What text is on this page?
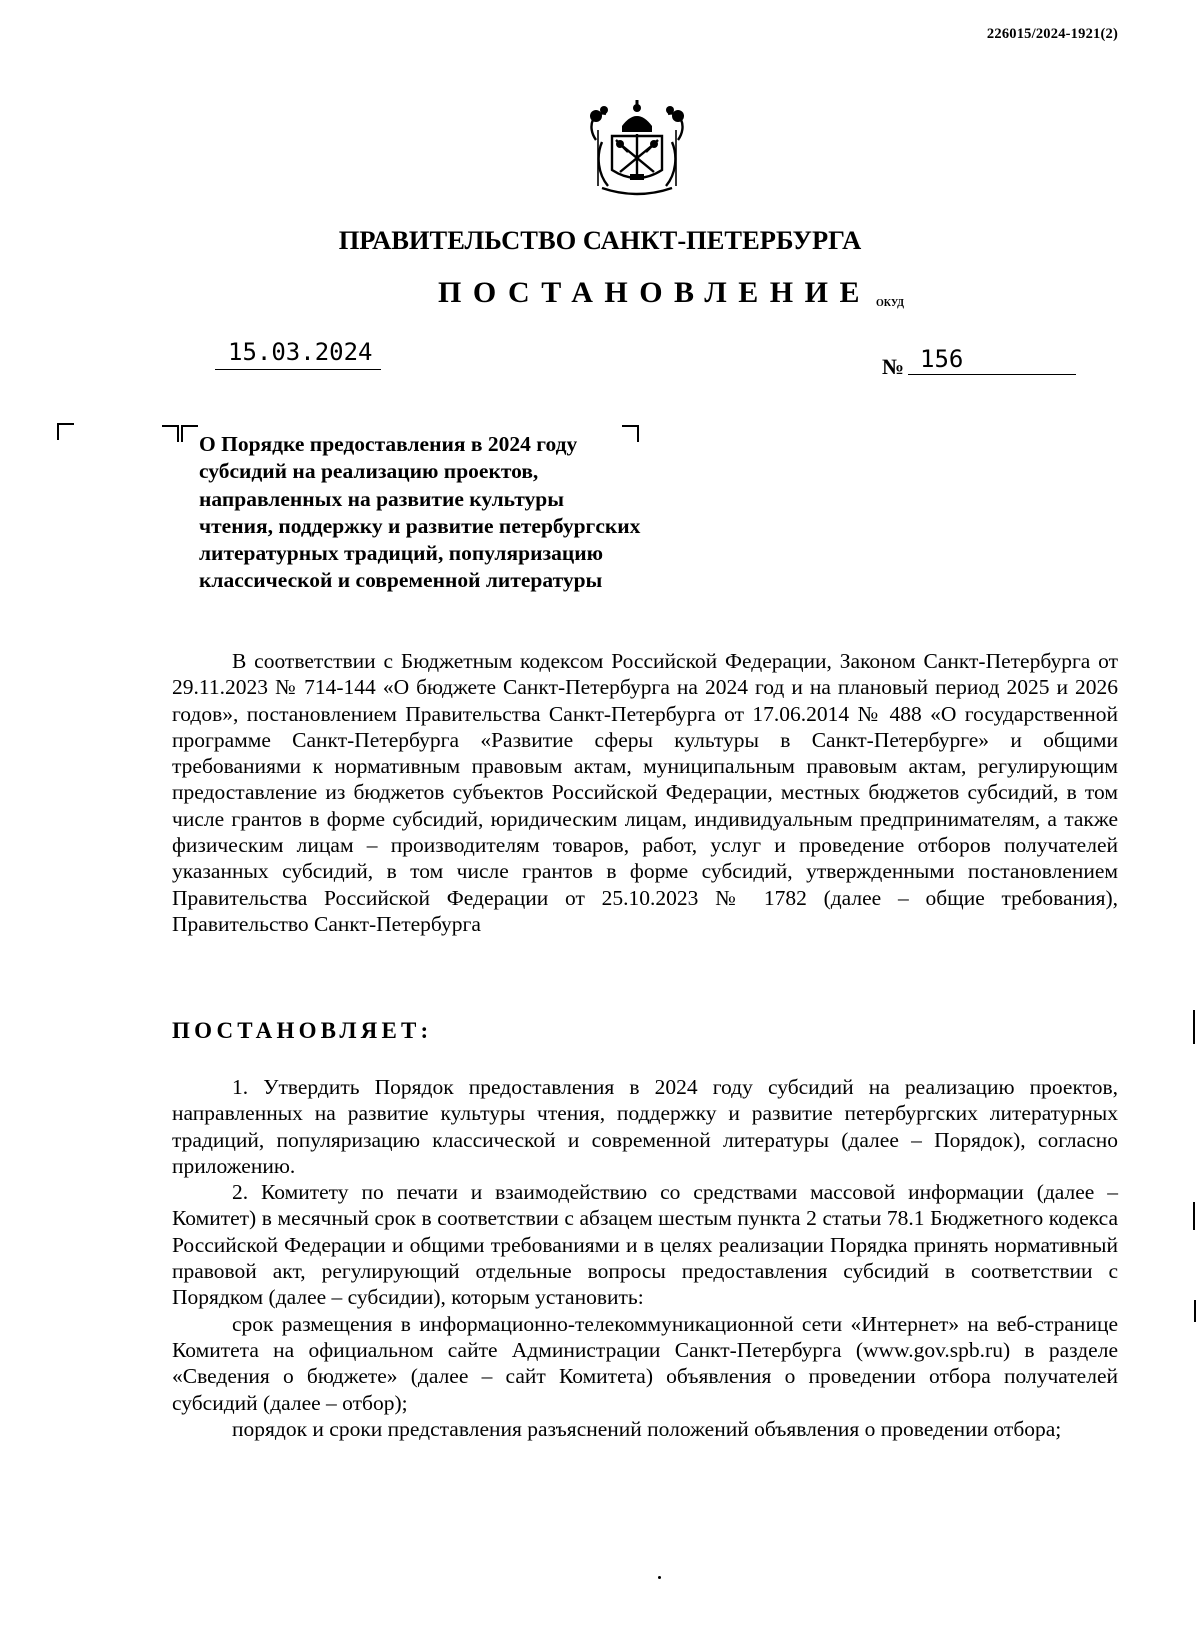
226015/2024-1921(2)
ПРАВИТЕЛЬСТВО САНКТ-ПЕТЕРБУРГА
ПОСТАНОВЛЕНИЕ ОКУД
15.03.2024
№ 156
О Порядке предоставления в 2024 году
субсидий на реализацию проектов,
направленных на развитие культуры
чтения, поддержку и развитие петербургских
литературных традиций, популяризацию
классической и современной литературы
В соответствии с Бюджетным кодексом Российской Федерации, Законом Санкт-Петербурга от 29.11.2023 № 714-144 «О бюджете Санкт-Петербурга на 2024 год и на плановый период 2025 и 2026 годов», постановлением Правительства Санкт-Петербурга от 17.06.2014 № 488 «О государственной программе Санкт-Петербурга «Развитие сферы культуры в Санкт-Петербурге» и общими требованиями к нормативным правовым актам, муниципальным правовым актам, регулирующим предоставление из бюджетов субъектов Российской Федерации, местных бюджетов субсидий, в том числе грантов в форме субсидий, юридическим лицам, индивидуальным предпринимателям, а также физическим лицам – производителям товаров, работ, услуг и проведение отборов получателей указанных субсидий, в том числе грантов в форме субсидий, утвержденными постановлением Правительства Российской Федерации от 25.10.2023 № 1782 (далее – общие требования), Правительство Санкт-Петербурга
ПОСТАНОВЛЯЕТ:

1. Утвердить Порядок предоставления в 2024 году субсидий на реализацию проектов, направленных на развитие культуры чтения, поддержку и развитие петербургских литературных традиций, популяризацию классической и современной литературы (далее – Порядок), согласно приложению.

2. Комитету по печати и взаимодействию со средствами массовой информации (далее – Комитет) в месячный срок в соответствии с абзацем шестым пункта 2 статьи 78.1 Бюджетного кодекса Российской Федерации и общими требованиями и в целях реализации Порядка принять нормативный правовой акт, регулирующий отдельные вопросы предоставления субсидий в соответствии с Порядком (далее – субсидии), которым установить:

срок размещения в информационно-телекоммуникационной сети «Интернет» на веб-странице Комитета на официальном сайте Администрации Санкт-Петербурга (www.gov.spb.ru) в разделе «Сведения о бюджете» (далее – сайт Комитета) объявления о проведении отбора получателей субсидий (далее – отбор);

порядок и сроки представления разъяснений положений объявления о проведении отбора;
